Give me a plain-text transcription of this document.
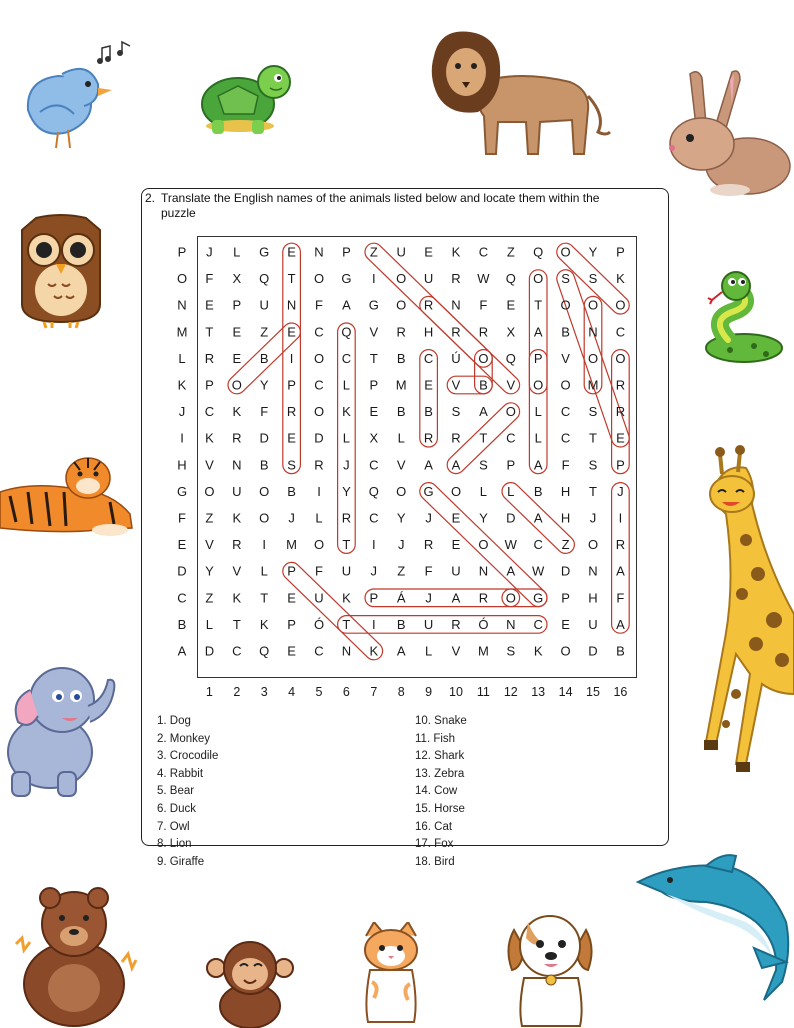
2. Translate the English names of the animals listed below and locate them within the puzzle
P J L G E N P Z U E K C Z Q O Y P
O F X Q T O G I O U R W Q O S S K
N E P U N F A G O R N F E T O O O
M T E Z E C Q V R H R R X A B N C
L R E B I O C T B C Ú O Q P V O O
K P O Y P C L P M E V B V O O M R
J C K F R O K E B B S A O L C S R
I K R D E D L X L R R T C L C T E
H V N B S R J C V A A S P A F S P
G O U O B I Y Q O G O L L B H T J
F Z K O J L R C Y J E Y D A H J I
E V R I M O T I J R E O W C Z O R
D Y V L P F U J Z F U N A W D N A
C Z K T E U K P Á J A R O G P H F
B L T K P Ó T I B U R Ó N C E U A
A D C Q E C N K A L V M S K O D B
1 2 3 4 5 6 7 8 9 10 11 12 13 14 15 16
1. Dog
2. Monkey
3. Crocodile
4. Rabbit
5. Bear
6. Duck
7. Owl
8. Lion
9. Giraffe
10. Snake
11. Fish
12. Shark
13. Zebra
14. Cow
15. Horse
16. Cat
17. Fox
18. Bird
